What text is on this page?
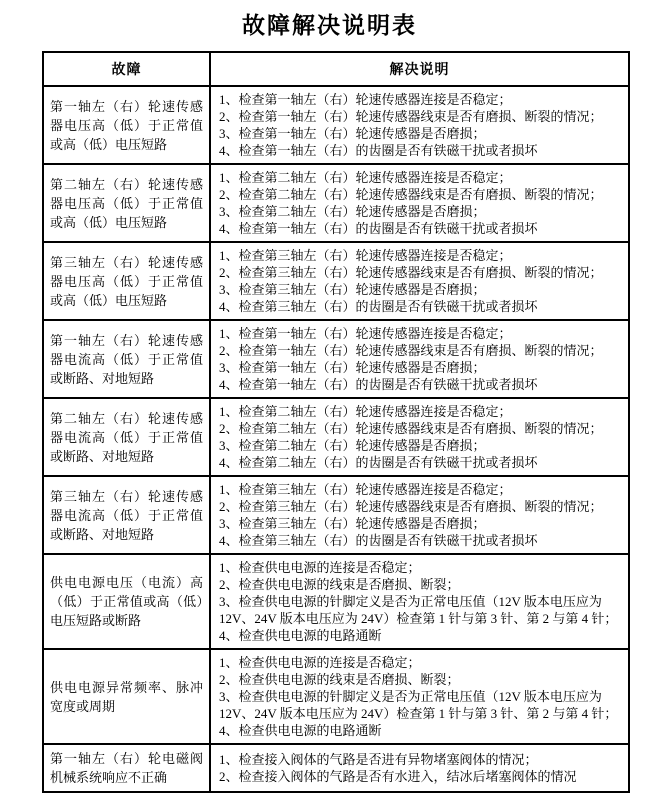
故障解决说明表
故障	解决说明
第一轴左（右）轮速传感器电压高（低）于正常值或高（低）电压短路	1、检查第一轴左（右）轮速传感器连接是否稳定；
2、检查第一轴左（右）轮速传感器线束是否有磨损、断裂的情况；
3、检查第一轴左（右）轮速传感器是否磨损；
4、检查第一轴左（右）的齿圈是否有铁磁干扰或者损坏

第二轴左（右）轮速传感器电压高（低）于正常值或高（低）电压短路	1、检查第二轴左（右）轮速传感器连接是否稳定；
2、检查第二轴左（右）轮速传感器线束是否有磨损、断裂的情况；
3、检查第二轴左（右）轮速传感器是否磨损；
4、检查第一轴左（右）的齿圈是否有铁磁干扰或者损坏

第三轴左（右）轮速传感器电压高（低）于正常值或高（低）电压短路	1、检查第三轴左（右）轮速传感器连接是否稳定；
2、检查第三轴左（右）轮速传感器线束是否有磨损、断裂的情况；
3、检查第三轴左（右）轮速传感器是否磨损；
4、检查第三轴左（右）的齿圈是否有铁磁干扰或者损坏

第一轴左（右）轮速传感器电流高（低）于正常值或断路、对地短路	1、检查第一轴左（右）轮速传感器连接是否稳定；
2、检查第一轴左（右）轮速传感器线束是否有磨损、断裂的情况；
3、检查第一轴左（右）轮速传感器是否磨损；
4、检查第一轴左（右）的齿圈是否有铁磁干扰或者损坏

第二轴左（右）轮速传感器电流高（低）于正常值或断路、对地短路	1、检查第二轴左（右）轮速传感器连接是否稳定；
2、检查第二轴左（右）轮速传感器线束是否有磨损、断裂的情况；
3、检查第二轴左（右）轮速传感器是否磨损；
4、检查第二轴左（右）的齿圈是否有铁磁干扰或者损坏

第三轴左（右）轮速传感器电流高（低）于正常值或断路、对地短路	1、检查第三轴左（右）轮速传感器连接是否稳定；
2、检查第三轴左（右）轮速传感器线束是否有磨损、断裂的情况；
3、检查第三轴左（右）轮速传感器是否磨损；
4、检查第三轴左（右）的齿圈是否有铁磁干扰或者损坏

供电电源电压（电流）高（低）于正常值或高（低）电压短路或断路	1、检查供电电源的连接是否稳定；
2、检查供电电源的线束是否磨损、断裂；
3、检查供电电源的针脚定义是否为正常电压值（12V 版本电压应为 12V、24V 版本电压应为 24V）检查第 1 针与第 3 针、第 2 与第 4 针；
4、检查供电电源的电路通断

供电电源异常频率、脉冲宽度或周期	1、检查供电电源的连接是否稳定；
2、检查供电电源的线束是否磨损、断裂；
3、检查供电电源的针脚定义是否为正常电压值（12V 版本电压应为 12V、24V 版本电压应为 24V）检查第 1 针与第 3 针、第 2 与第 4 针；
4、检查供电电源的电路通断

第一轴左（右）轮电磁阀机械系统响应不正确	1、检查接入阀体的气路是否进有异物堵塞阀体的情况；
2、检查接入阀体的气路是否有水进入，结冰后堵塞阀体的情况
